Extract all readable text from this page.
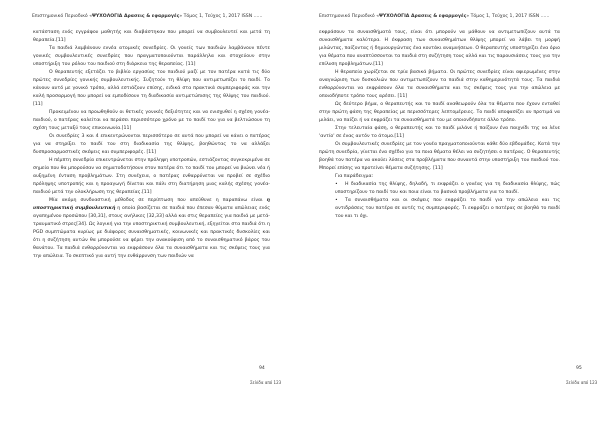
Επιστημονικό Περιοδικό «ΨΥΧΟΛΟΓΙΑ Δρασεις & εφαρμογές» Τόμος 1, Τεύχος 1, 2017 ISSN ......

κατάσταση ενός εγγράφου μαθητής και διαβάστηκαν που μπορεί να συμβουλευτεί και μετά τη θεραπεία.[11]

Τα παιδιά λαμβάνουν εννέα ατομικές συνεδρίες. Οι γονείς των παιδιών λαμβάνουν πέντε γονικές συμβουλευτικές συνεδρίες που πραγματοποιούνται παράλληλα και στοχεύουν στην υποστήριξη του ρόλου του παιδιού στη διάρκεια της θεραπείας. [11]

Ο θεραπευτής εξετάζει το βιβλίο εργασίας του παιδιού μαζί με τον πατέρα κατά τις δύο πρώτες συνεδρίες γονικής συμβουλευτικής. Συζητούν τη θλίψη που αντιμετωπίζει το παιδί. Το κάνουν αυτό με γονικό τρόπο, αλλά εστιάζουν επίσης, ειδικά στα πρακτικά συμπεριφοράς και την καλή προσαρμογή που μπορεί να εμποδίσουν τη διαδικασία αντιμετώπισης της θλίψης του παιδιού.[11]

Προκειμένου να προωθηθούν οι θετικές γονικές δεξιότητες και να ενισχυθεί η σχέση γονέα-παιδιού, ο πατέρας καλείται να περάσει περισσότερο χρόνο με το παιδί του για να βελτιώσουν τη σχέση τους μεταξύ τους επικοινωνία.[11]

Οι συνεδρίες 3 και 4 επικεντρώνονται περισσότερο σε αυτά που μπορεί να κάνει ο πατέρας για να στηρίξει το παιδί του στη διαδικασία της θλίψης, βοηθώντας το να αλλάξει δυσπροσαρμοστικές σκέψεις και συμπεριφορές. [11]

Η πέμπτη συνεδρία επικεντρώνεται στην πρόληψη υποτροπών, εστιάζοντας συγκεκριμένα σε σημεία που θα μπορούσαν να σηματοδοτήσουν στον πατέρα ότι το παιδί του μπορεί να βιώνει νέα ή αυξημένη ένταση προβλημάτων. Στη συνέχεια, ο πατέρας ενθαρρύνεται να προβεί σε σχέδιο πρόληψης υποτροπής και η προαγωγή δίνεται και πάλι στη διατήρηση μιας καλής σχέσης γονέα-παιδιού μετά την ολοκλήρωση της θεραπείας.[11]

Μία ακόμη συνδυαστική μέθοδος σε περίπτωση που απεύθυνε η παραπάνω είναι η υποστηρικτική συμβουλευτική η οποία βασίζεται σε παιδιά που έπεσαν θύματα απώλειας ενός αγαπημένου προσώπου [30,31], στους ανήλικες [32,33] αλλά και στις θεραπείες για παιδιά με μετά-τραυματικό στρες[34]. Ως λογική για την υποστηρικτική συμβουλευτική, εξηγείται στα παιδιά ότι η PGD συμπτώματα κυρίως με διάφορες συναισθηματικές, κοινωνικές και πρακτικές δυσκολίες και ότι η συζήτηση αυτών θα μπορούσε να φέρει την ανακούφιση από το συναισθηματικό βάρος του θανάτου. Τα παιδιά ενθαρρύνονται να εκφράσουν όλα τα συναισθήματα και τις σκέψεις τους για την απώλεια. Το σκεπτικό για αυτή την ενθάρρυνση των παιδιών να

94
Σελίδα από 123
Επιστημονικό Περιοδικό «ΨΥΧΟΛΟΓΙΑ Δρασεις & εφαρμογές» Τόμος 1, Τεύχος 1, 2017 ISSN ......

εκφράσουν τα συναισθήματά τους, είναι ότι μπορούν να μάθουν να αντιμετωπίζουν αυτά τα συναισθήματα καλύτερα. Η έκφραση των συναισθημάτων θλίψης μπορεί να λάβει τη μορφή μιλώντας, παίζοντας ή δημιουργώντας ένα κουτάκι αναμνήσεων. Ο θεραπευτής υποστηρίζει ένα όριο για θέματα που αναπτύσσονται τα παιδιά στη συζήτηση τους αλλά και τις παρουσιάσεις τους για την επίλυση προβλημάτων.[11]

Η θεραπεία χωρίζεται σε τρία βασικά βήματα. Οι πρώτες συνεδρίες είναι αφιερωμένες στην αναγνώριση των δυσκολιών που αντιμετωπίζουν τα παιδιά στην καθημερινότητά τους. Τα παιδιά ενθαρρύνονται να εκφράσουν όλα τα συναισθήματα και τις σκέψεις τους για την απώλεια με οποιοδήποτε τρόπο τους αρέσει. [11]

Ως δεύτερο βήμα, ο θεραπευτής και το παιδί αναθεωρούν όλα τα θέματα που έχουν ενταθεί στην πρώτη φάση της θεραπείας με περισσότερες λεπτομέρειες. Το παιδί αποφασίζει αν προτιμά να μιλάει, να παίζει ή να εκφράζει τα συναισθήματά του με οποιονδήποτε άλλο τρόπο.

Στην τελευταία φάση, ο θεραπευτής και το παιδί μιλάνε ή παίζουν ένα παιχνίδι της να λένε 'αντίο' σε ένας αυτόν το άτομο.[11]

Οι συμβουλευτικές συνεδρίες με τον γονέα πραγματοποιούνται κάθε δύο εβδομάδες. Κατά την πρώτη συνεδρία, γίνεται ένα σχέδιο για τα ποια θέματα θέλει να συζητήσει ο πατέρας. Ο θεραπευτής βοηθά τον πατέρα να ακούει λύσεις στα προβλήματα που συναντά στην υποστήριξη του παιδιού του. Μπορεί επίσης να προτείνει θέματα συζήτησης. [11]

Για παράδειγμα:

• Η διαδικασία της θλίψης, δηλαδή, τι εκφράζει ο γονέας για τη διαδικασία θλίψης, πώς υποστηρίζουν το παιδί του και ποια είναι τα βασικά προβλήματα για το παιδί.

• Τα συναισθήματα και οι σκέψεις που εκφράζει το παιδί για την απώλεια και τις αντιδράσεις του πατέρα σε αυτές τις συμπεριφορές. Τι εκφράζει ο πατέρας σε βοηθά το παιδί του και τι όχι.

95
Σελίδα από 123
